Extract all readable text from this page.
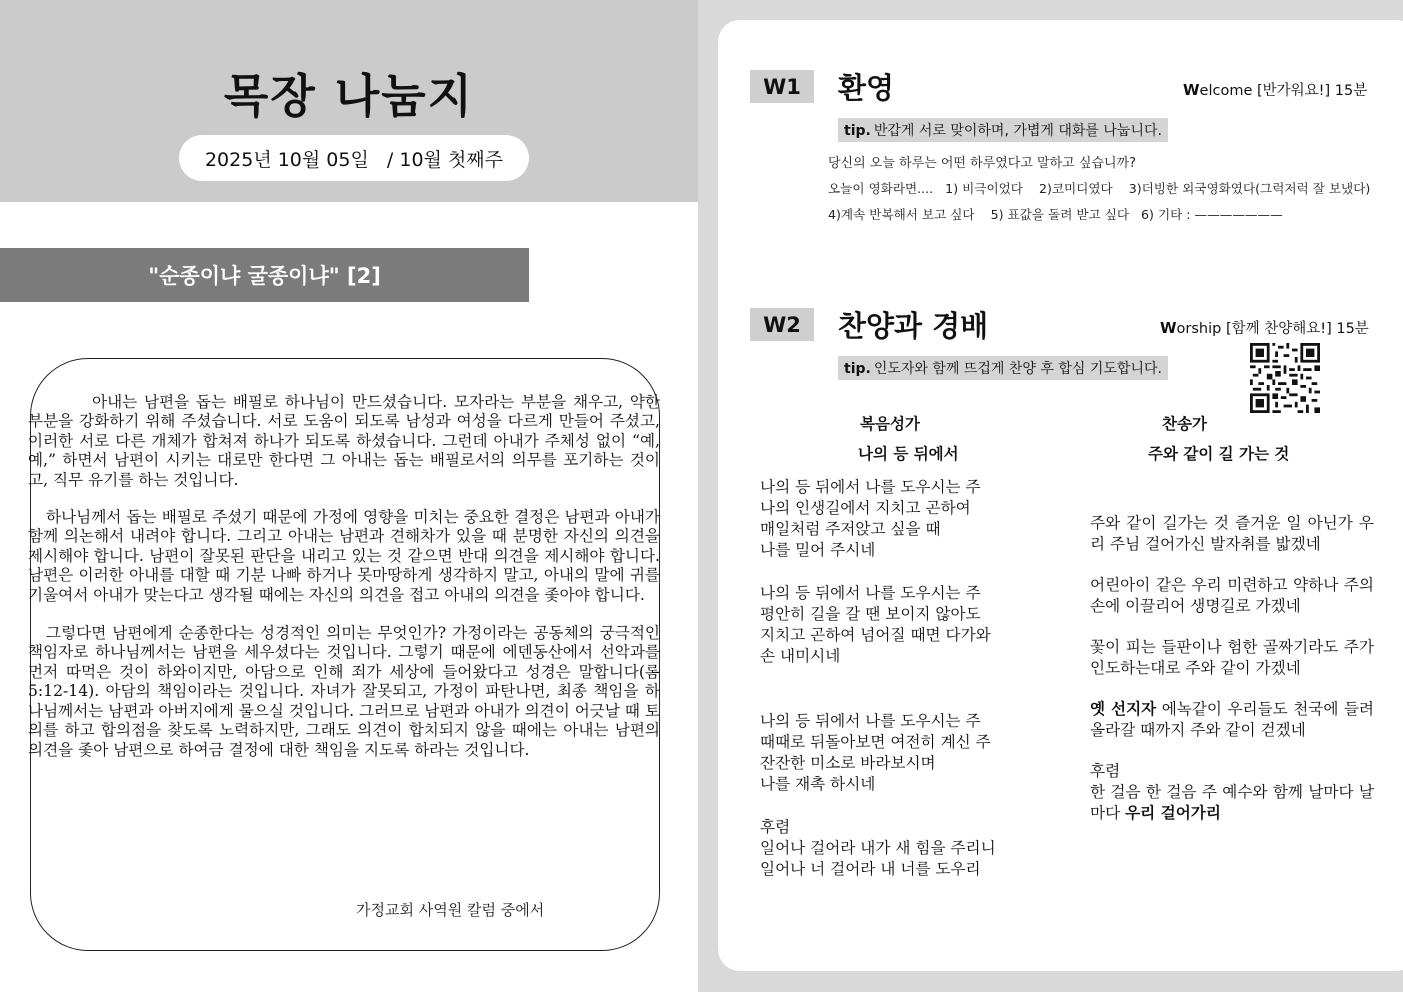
목장 나눔지
2025년 10월 05일   / 10월 첫째주
"순종이냐 굴종이냐" [2]

아내는 남편을 돕는 배필로 하나님이 만드셨습니다. 모자라는 부분을 채우고, 약한 부분을 강화하기 위해 주셨습니다. 서로 도움이 되도록 남성과 여성을 다르게 만들어 주셨고, 이러한 서로 다른 개체가 합쳐져 하나가 되도록 하셨습니다. 그런데 아내가 주체성 없이 “예, 예,” 하면서 남편이 시키는 대로만 한다면 그 아내는 돕는 배필로서의 의무를 포기하는 것이고, 직무 유기를 하는 것입니다.

하나님께서 돕는 배필로 주셨기 때문에 가정에 영향을 미치는 중요한 결정은 남편과 아내가 함께 의논해서 내려야 합니다. 그리고 아내는 남편과 견해차가 있을 때 분명한 자신의 의견을 제시해야 합니다. 남편이 잘못된 판단을 내리고 있는 것 같으면 반대 의견을 제시해야 합니다. 남편은 이러한 아내를 대할 때 기분 나빠 하거나 못마땅하게 생각하지 말고, 아내의 말에 귀를 기울여서 아내가 맞는다고 생각될 때에는 자신의 의견을 접고 아내의 의견을 좇아야 합니다.

그렇다면 남편에게 순종한다는 성경적인 의미는 무엇인가? 가정이라는 공동체의 궁극적인 책임자로 하나님께서는 남편을 세우셨다는 것입니다. 그렇기 때문에 에덴동산에서 선악과를 먼저 따먹은 것이 하와이지만, 아담으로 인해 죄가 세상에 들어왔다고 성경은 말합니다(롬 5:12-14). 아담의 책임이라는 것입니다. 자녀가 잘못되고, 가정이 파탄나면, 최종 책임을 하나님께서는 남편과 아버지에게 물으실 것입니다. 그러므로 남편과 아내가 의견이 어긋날 때 토의를 하고 합의점을 찾도록 노력하지만, 그래도 의견이 합치되지 않을 때에는 아내는 남편의 의견을 좇아 남편으로 하여금 결정에 대한 책임을 지도록 하라는 것입니다.

가정교회 사역원 칼럼 중에서
W1	환영	Welcome [반가워요!] 15분
tip. 반갑게 서로 맞이하며, 가볍게 대화를 나눕니다.
당신의 오늘 하루는 어떤 하루였다고 말하고 싶습니까?
오늘이 영화라면....   1) 비극이었다    2)코미디였다    3)더빙한 외국영화였다(그럭저럭 잘 보냈다)
4)계속 반복해서 보고 싶다    5) 표값을 돌려 받고 싶다   6) 기타 : ———————
W2	찬양과 경배	Worship [함께 찬양해요!] 15분
tip. 인도자와 함께 뜨겁게 찬양 후 합심 기도합니다.
복음성가
나의 등 뒤에서

나의 등 뒤에서 나를 도우시는 주
나의 인생길에서 지치고 곤하여
매일처럼 주저앉고 싶을 때
나를 밀어 주시네

나의 등 뒤에서 나를 도우시는 주
평안히 길을 갈 땐 보이지 않아도
지치고 곤하여 넘어질 때면 다가와
손 내미시네

나의 등 뒤에서 나를 도우시는 주
때때로 뒤돌아보면 여전히 계신 주
잔잔한 미소로 바라보시며
나를 재촉 하시네

후렴
일어나 걸어라 내가 새 힘을 주리니
일어나 너 걸어라 내 너를 도우리

찬송가
주와 같이 길 가는 것

주와 같이 길가는 것 즐거운 일 아닌가 우리 주님 걸어가신 발자취를 밟겠네

어린아이 같은 우리 미련하고 약하나 주의 손에 이끌리어 생명길로 가겠네

꽃이 피는 들판이나 험한 골짜기라도 주가 인도하는대로 주와 같이 가겠네

옛 선지자 에녹같이 우리들도 천국에 들려 올라갈 때까지 주와 같이 걷겠네

후렴

한 걸음 한 걸음 주 예수와 함께 날마다 날마다 우리 걸어가리
